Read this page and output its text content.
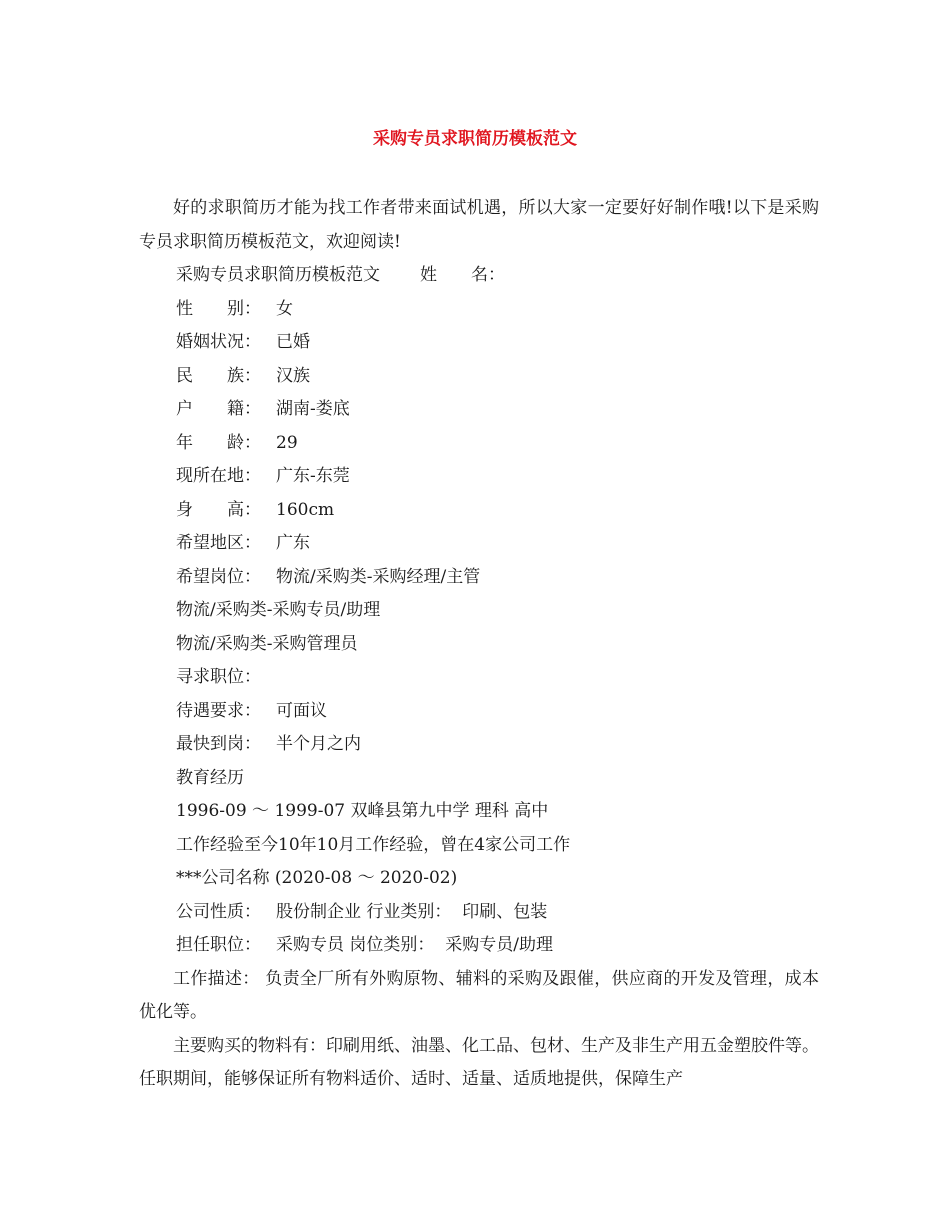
采购专员求职简历模板范文

好的求职简历才能为找工作者带来面试机遇，所以大家一定要好好制作哦!以下是采购专员求职简历模板范文，欢迎阅读!

采购专员求职简历模板范文 姓　　名：
性　　别： 女
婚姻状况： 已婚
民　　族： 汉族
户　　籍： 湖南-娄底
年　　龄： 29
现所在地： 广东-东莞
身　　高： 160cm
希望地区： 广东
希望岗位： 物流/采购类-采购经理/主管
物流/采购类-采购专员/助理
物流/采购类-采购管理员
寻求职位：
待遇要求： 可面议
最快到岗： 半个月之内
教育经历
1996-09 ～ 1999-07 双峰县第九中学 理科 高中
工作经验至今10年10月工作经验，曾在4家公司工作
***公司名称 (2020-08 ～ 2020-02)
公司性质： 股份制企业 行业类别：  印刷、包装
担任职位： 采购专员 岗位类别：  采购专员/助理

工作描述： 负责全厂所有外购原物、辅料的采购及跟催，供应商的开发及管理，成本优化等。

主要购买的物料有：印刷用纸、油墨、化工品、包材、生产及非生产用五金塑胶件等。任职期间，能够保证所有物料适价、适时、适量、适质地提供，保障生产
